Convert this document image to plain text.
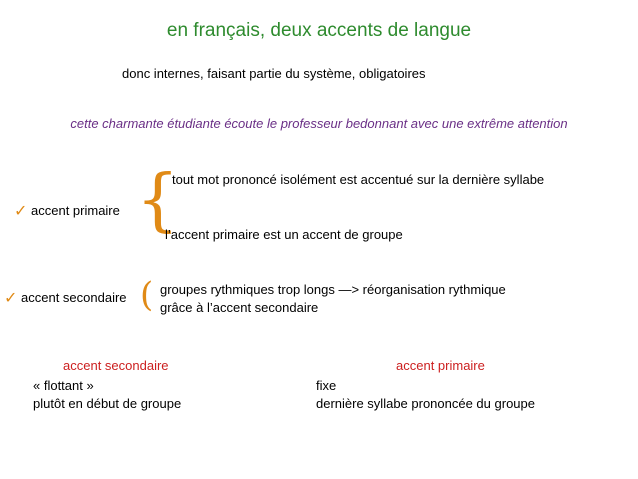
en français, deux accents de langue
donc internes, faisant partie du système, obligatoires
cette charmante étudiante écoute le professeur bedonnant avec une extrême attention
✓ accent primaire {
tout mot prononcé isolément est accentué sur la dernière syllabe
l’accent primaire est un accent de groupe
✓ accent secondaire ( groupes rythmiques trop longs —> réorganisation rythmique
grâce à l’accent secondaire
accent secondaire
« flottant »
plutôt en début de groupe
accent primaire
fixe
dernière syllabe prononcée du groupe
